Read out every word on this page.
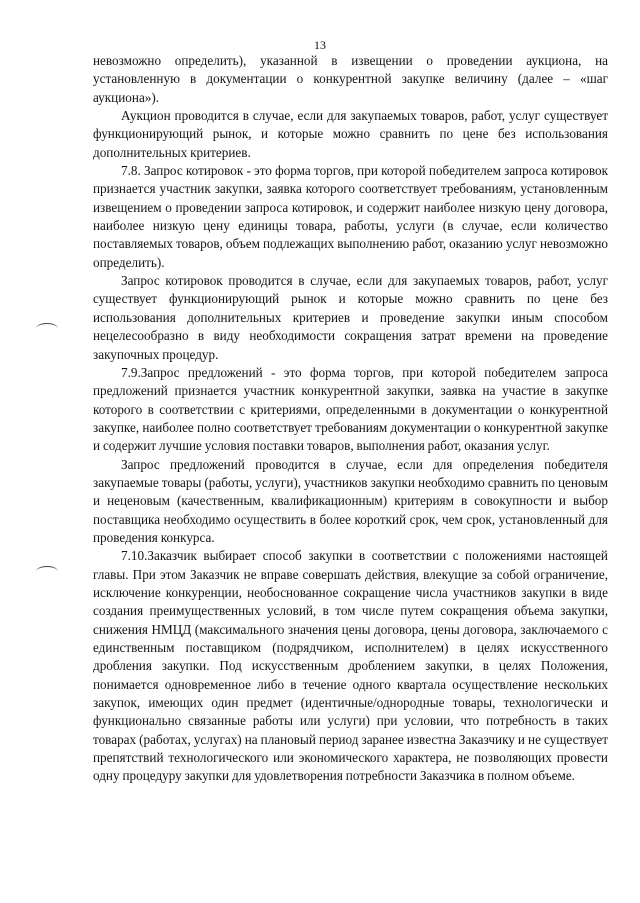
13

невозможно определить), указанной в извещении о проведении аукциона, на установленную в документации о конкурентной закупке величину (далее – «шаг аукциона»).

Аукцион проводится в случае, если для закупаемых товаров, работ, услуг существует функционирующий рынок, и которые можно сравнить по цене без использования дополнительных критериев.

7.8. Запрос котировок - это форма торгов, при которой победителем запроса котировок признается участник закупки, заявка которого соответствует требованиям, установленным извещением о проведении запроса котировок, и содержит наиболее низкую цену договора, наиболее низкую цену единицы товара, работы, услуги (в случае, если количество поставляемых товаров, объем подлежащих выполнению работ, оказанию услуг невозможно определить).

Запрос котировок проводится в случае, если для закупаемых товаров, работ, услуг существует функционирующий рынок и которые можно сравнить по цене без использования дополнительных критериев и проведение закупки иным способом нецелесообразно в виду необходимости сокращения затрат времени на проведение закупочных процедур.

7.9.Запрос предложений - это форма торгов, при которой победителем запроса предложений признается участник конкурентной закупки, заявка на участие в закупке которого в соответствии с критериями, определенными в документации о конкурентной закупке, наиболее полно соответствует требованиям документации о конкурентной закупке и содержит лучшие условия поставки товаров, выполнения работ, оказания услуг.

Запрос предложений проводится в случае, если для определения победителя закупаемые товары (работы, услуги), участников закупки необходимо сравнить по ценовым и неценовым (качественным, квалификационным) критериям в совокупности и выбор поставщика необходимо осуществить в более короткий срок, чем срок, установленный для проведения конкурса.

7.10.Заказчик выбирает способ закупки в соответствии с положениями настоящей главы. При этом Заказчик не вправе совершать действия, влекущие за собой ограничение, исключение конкуренции, необоснованное сокращение числа участников закупки в виде создания преимущественных условий, в том числе путем сокращения объема закупки, снижения НМЦД (максимального значения цены договора, цены договора, заключаемого с единственным поставщиком (подрядчиком, исполнителем) в целях искусственного дробления закупки. Под искусственным дроблением закупки, в целях Положения, понимается одновременное либо в течение одного квартала осуществление нескольких закупок, имеющих один предмет (идентичные/однородные товары, технологически и функционально связанные работы или услуги) при условии, что потребность в таких товарах (работах, услугах) на плановый период заранее известна Заказчику и не существует препятствий технологического или экономического характера, не позволяющих провести одну процедуру закупки для удовлетворения потребности Заказчика в полном объеме.
